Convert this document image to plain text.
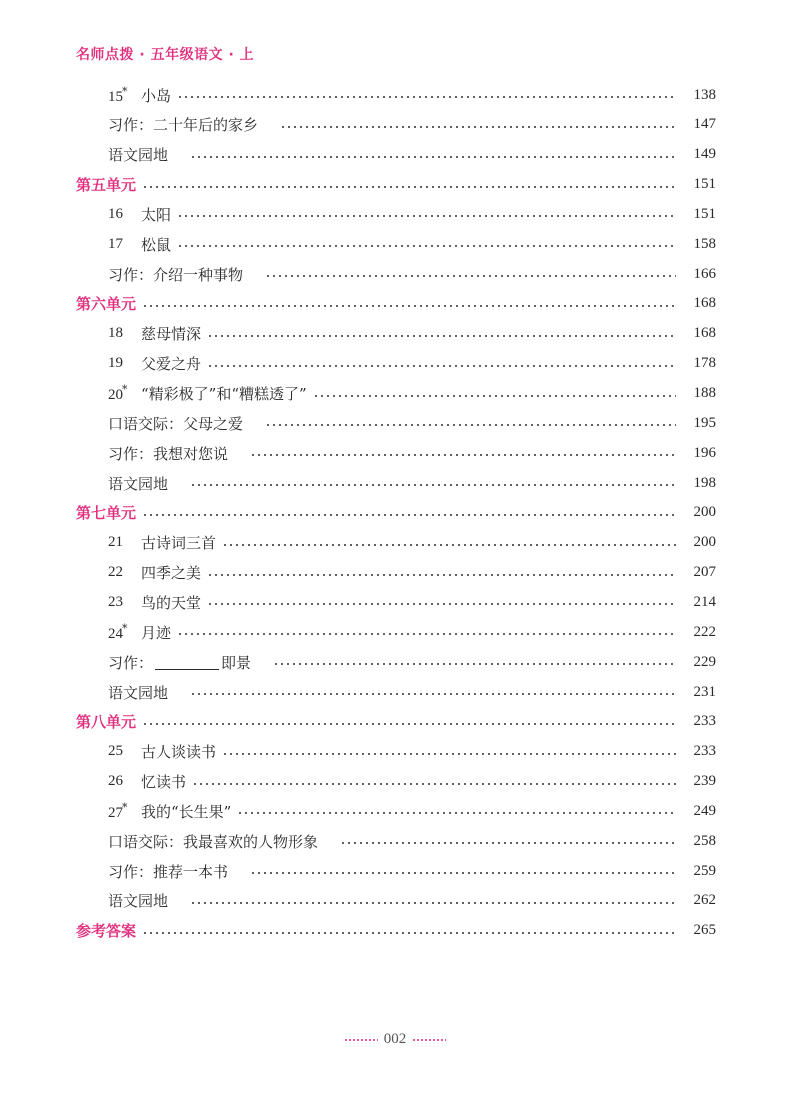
名师点拨 · 五年级语文 · 上
15* 小岛	138
习作：二十年后的家乡	147
语文园地	149
第五单元	151
16	太阳	151
17	松鼠	158
习作：介绍一种事物	166
第六单元	168
18	慈母情深	168
19	父爱之舟	178
20* “精彩极了”和“糟糕透了”	188
口语交际：父母之爱	195
习作：我想对您说	196
语文园地	198
第七单元	200
21	古诗词三首	200
22	四季之美	207
23	鸟的天堂	214
24* 月迹	222
习作：	即景	229
语文园地	231
第八单元	233
25	古人谈读书	233
26	忆读书	239
27* 我的“长生果”	249
口语交际：我最喜欢的人物形象	258
习作：推荐一本书	259
语文园地	262
参考答案	265
002
